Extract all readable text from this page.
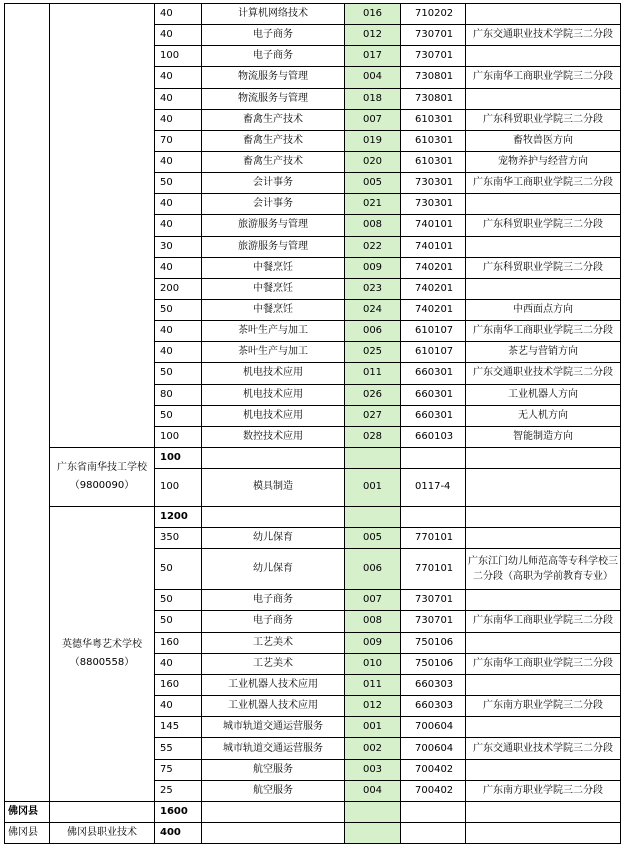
		40	计算机网络技术	016	710202	
		40	电子商务	012	730701	广东交通职业技术学院三二分段
		100	电子商务	017	730701	
		40	物流服务与管理	004	730801	广东南华工商职业学院三二分段
		40	物流服务与管理	018	730801	
		40	畜禽生产技术	007	610301	广东科贸职业学院三二分段
		70	畜禽生产技术	019	610301	畜牧兽医方向
		40	畜禽生产技术	020	610301	宠物养护与经营方向
		50	会计事务	005	730301	广东南华工商职业学院三二分段
		40	会计事务	021	730301	
		40	旅游服务与管理	008	740101	广东科贸职业学院三二分段
		30	旅游服务与管理	022	740101	
		40	中餐烹饪	009	740201	广东科贸职业学院三二分段
		200	中餐烹饪	023	740201	
		50	中餐烹饪	024	740201	中西面点方向
		40	茶叶生产与加工	006	610107	广东南华工商职业学院三二分段
		40	茶叶生产与加工	025	610107	茶艺与营销方向
		50	机电技术应用	011	660301	广东交通职业技术学院三二分段
		80	机电技术应用	026	660301	工业机器人方向
		50	机电技术应用	027	660301	无人机方向
		100	数控技术应用	028	660103	智能制造方向
	广东省南华技工学校
（9800090）	100				
		100	模具制造	001	0117-4	
	英德华粤艺术学校
（8800558）	1200				
		350	幼儿保育	005	770101	
		50	幼儿保育	006	770101	广东江门幼儿师范高等专科学校三二分段（高职为学前教育专业）
		50	电子商务	007	730701	
		50	电子商务	008	730701	广东南华工商职业学院三二分段
		160	工艺美术	009	750106	
		40	工艺美术	010	750106	广东南华工商职业学院三二分段
		160	工业机器人技术应用	011	660303	
		40	工业机器人技术应用	012	660303	广东南方职业学院三二分段
		145	城市轨道交通运营服务	001	700604	
		55	城市轨道交通运营服务	002	700604	广东交通职业技术学院三二分段
		75	航空服务	003	700402	
		25	航空服务	004	700402	广东南方职业学院三二分段
佛冈县		1600				
佛冈县	佛冈县职业技术	400				
